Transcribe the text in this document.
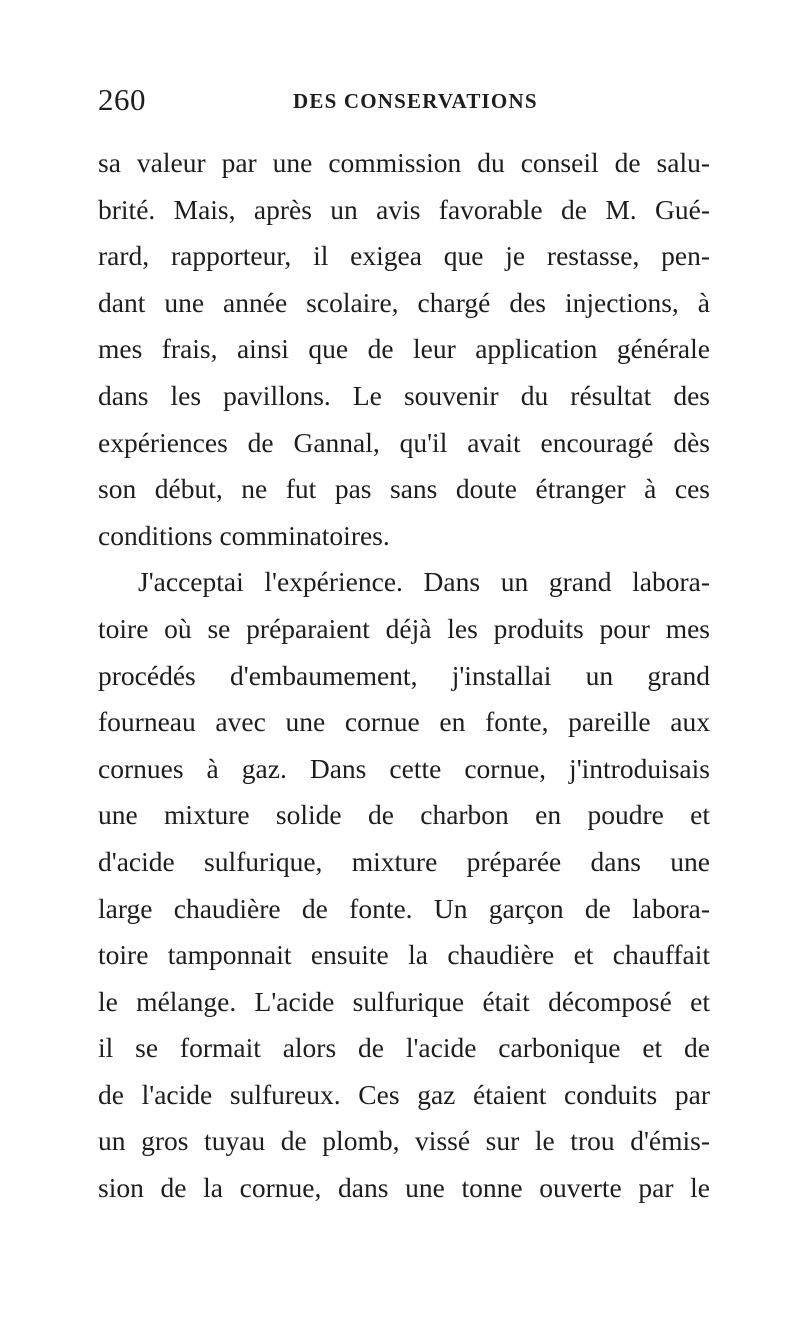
260	DES CONSERVATIONS
sa valeur par une commission du conseil de salu-
brité. Mais, après un avis favorable de M. Gué-
rard, rapporteur, il exigea que je restasse, pen-
dant une année scolaire, chargé des injections, à
mes frais, ainsi que de leur application générale
dans les pavillons. Le souvenir du résultat des
expériences de Gannal, qu'il avait encouragé dès
son début, ne fut pas sans doute étranger à ces
conditions comminatoires.
J'acceptai l'expérience. Dans un grand labora-
toire où se préparaient déjà les produits pour mes
procédés d'embaumement, j'installai un grand
fourneau avec une cornue en fonte, pareille aux
cornues à gaz. Dans cette cornue, j'introduisais
une mixture solide de charbon en poudre et
d'acide sulfurique, mixture préparée dans une
large chaudière de fonte. Un garçon de labora-
toire tamponnait ensuite la chaudière et chauffait
le mélange. L'acide sulfurique était décomposé et
il se formait alors de l'acide carbonique et de
de l'acide sulfureux. Ces gaz étaient conduits par
un gros tuyau de plomb, vissé sur le trou d'émis-
sion de la cornue, dans une tonne ouverte par le
